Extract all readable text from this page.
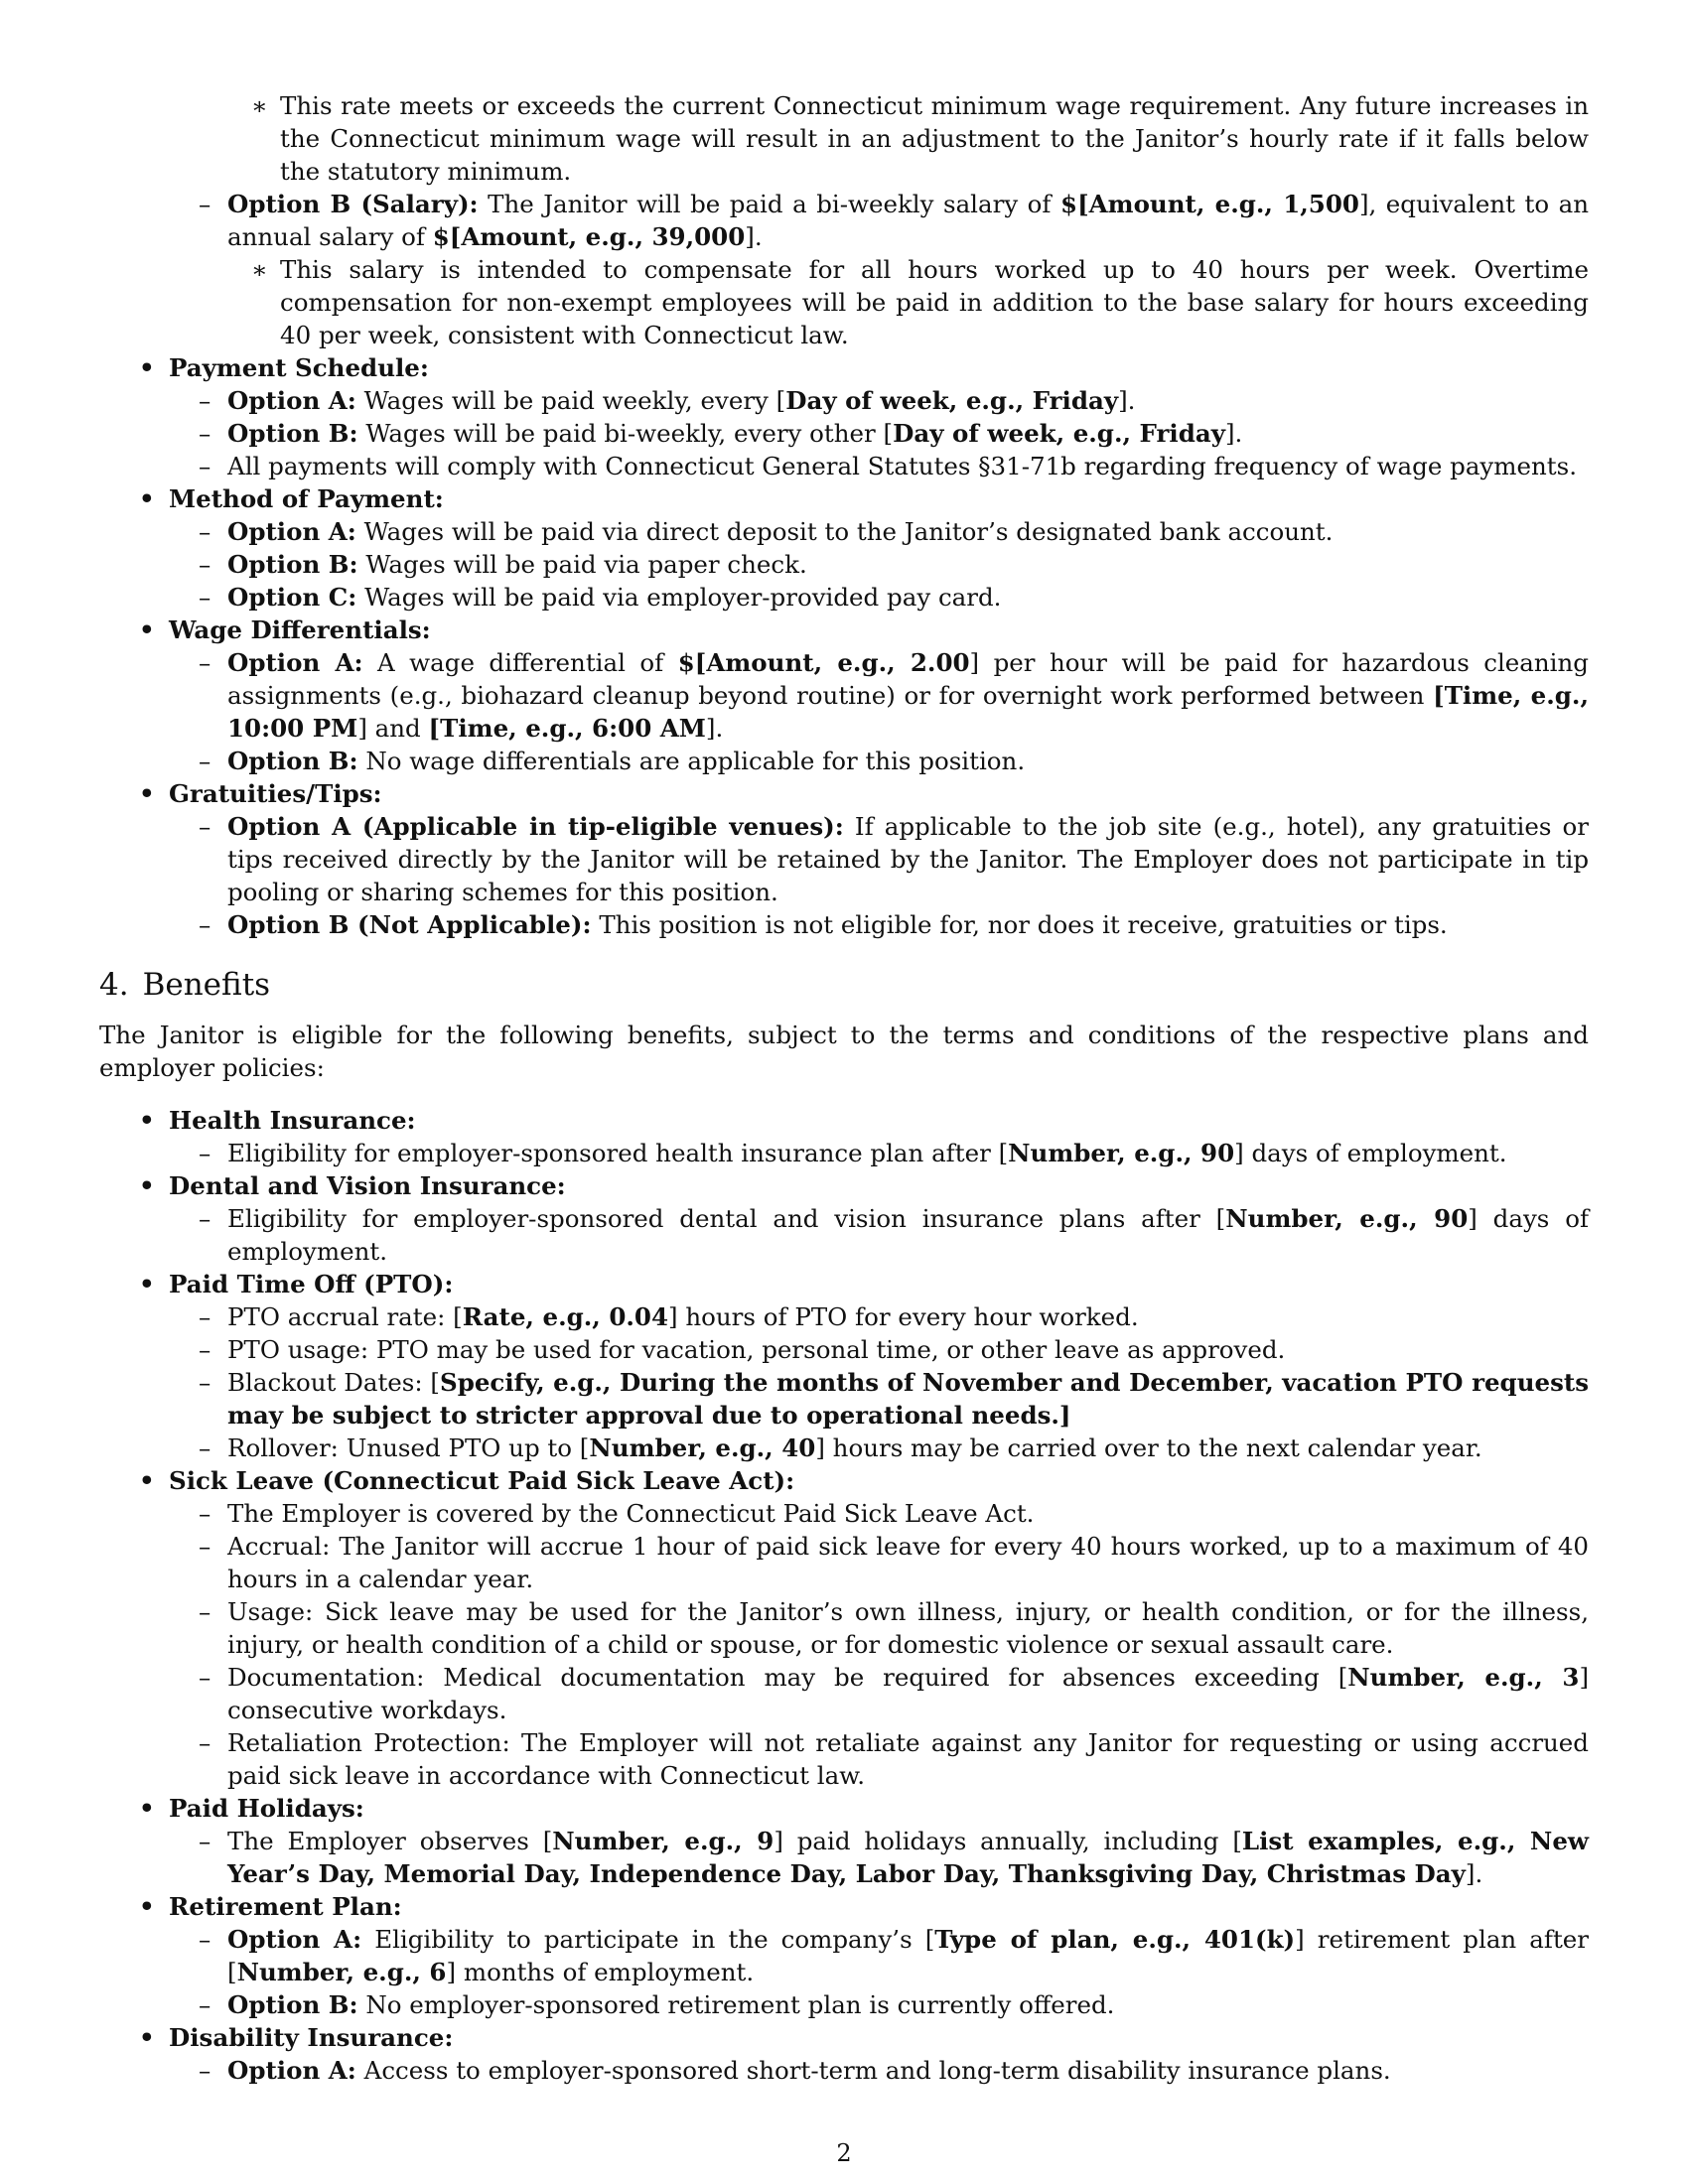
∗ This rate meets or exceeds the current Connecticut minimum wage requirement. Any future increases in the Connecticut minimum wage will result in an adjustment to the Janitor’s hourly rate if it falls below the statutory minimum.
– Option B (Salary): The Janitor will be paid a bi-weekly salary of $[Amount, e.g., 1,500], equivalent to an annual salary of $[Amount, e.g., 39,000].
∗ This salary is intended to compensate for all hours worked up to 40 hours per week. Overtime compensation for non-exempt employees will be paid in addition to the base salary for hours exceeding 40 per week, consistent with Connecticut law.
• Payment Schedule:
– Option A: Wages will be paid weekly, every [Day of week, e.g., Friday].
– Option B: Wages will be paid bi-weekly, every other [Day of week, e.g., Friday].
– All payments will comply with Connecticut General Statutes §31-71b regarding frequency of wage payments.
• Method of Payment:
– Option A: Wages will be paid via direct deposit to the Janitor’s designated bank account.
– Option B: Wages will be paid via paper check.
– Option C: Wages will be paid via employer-provided pay card.
• Wage Differentials:
– Option A: A wage differential of $[Amount, e.g., 2.00] per hour will be paid for hazardous cleaning assignments (e.g., biohazard cleanup beyond routine) or for overnight work performed between [Time, e.g., 10:00 PM] and [Time, e.g., 6:00 AM].
– Option B: No wage differentials are applicable for this position.
• Gratuities/Tips:
– Option A (Applicable in tip-eligible venues): If applicable to the job site (e.g., hotel), any gratuities or tips received directly by the Janitor will be retained by the Janitor. The Employer does not participate in tip pooling or sharing schemes for this position.
– Option B (Not Applicable): This position is not eligible for, nor does it receive, gratuities or tips.
4. Benefits

The Janitor is eligible for the following benefits, subject to the terms and conditions of the respective plans and employer policies:

• Health Insurance:
– Eligibility for employer-sponsored health insurance plan after [Number, e.g., 90] days of employment.
• Dental and Vision Insurance:
– Eligibility for employer-sponsored dental and vision insurance plans after [Number, e.g., 90] days of employment.
• Paid Time Off (PTO):
– PTO accrual rate: [Rate, e.g., 0.04] hours of PTO for every hour worked.
– PTO usage: PTO may be used for vacation, personal time, or other leave as approved.
– Blackout Dates: [Specify, e.g., During the months of November and December, vacation PTO requests may be subject to stricter approval due to operational needs.]
– Rollover: Unused PTO up to [Number, e.g., 40] hours may be carried over to the next calendar year.
• Sick Leave (Connecticut Paid Sick Leave Act):
– The Employer is covered by the Connecticut Paid Sick Leave Act.
– Accrual: The Janitor will accrue 1 hour of paid sick leave for every 40 hours worked, up to a maximum of 40 hours in a calendar year.
– Usage: Sick leave may be used for the Janitor’s own illness, injury, or health condition, or for the illness, injury, or health condition of a child or spouse, or for domestic violence or sexual assault care.
– Documentation: Medical documentation may be required for absences exceeding [Number, e.g., 3] consecutive workdays.
– Retaliation Protection: The Employer will not retaliate against any Janitor for requesting or using accrued paid sick leave in accordance with Connecticut law.
• Paid Holidays:
– The Employer observes [Number, e.g., 9] paid holidays annually, including [List examples, e.g., New Year’s Day, Memorial Day, Independence Day, Labor Day, Thanksgiving Day, Christmas Day].
• Retirement Plan:
– Option A: Eligibility to participate in the company’s [Type of plan, e.g., 401(k)] retirement plan after [Number, e.g., 6] months of employment.
– Option B: No employer-sponsored retirement plan is currently offered.
• Disability Insurance:
– Option A: Access to employer-sponsored short-term and long-term disability insurance plans.
2
